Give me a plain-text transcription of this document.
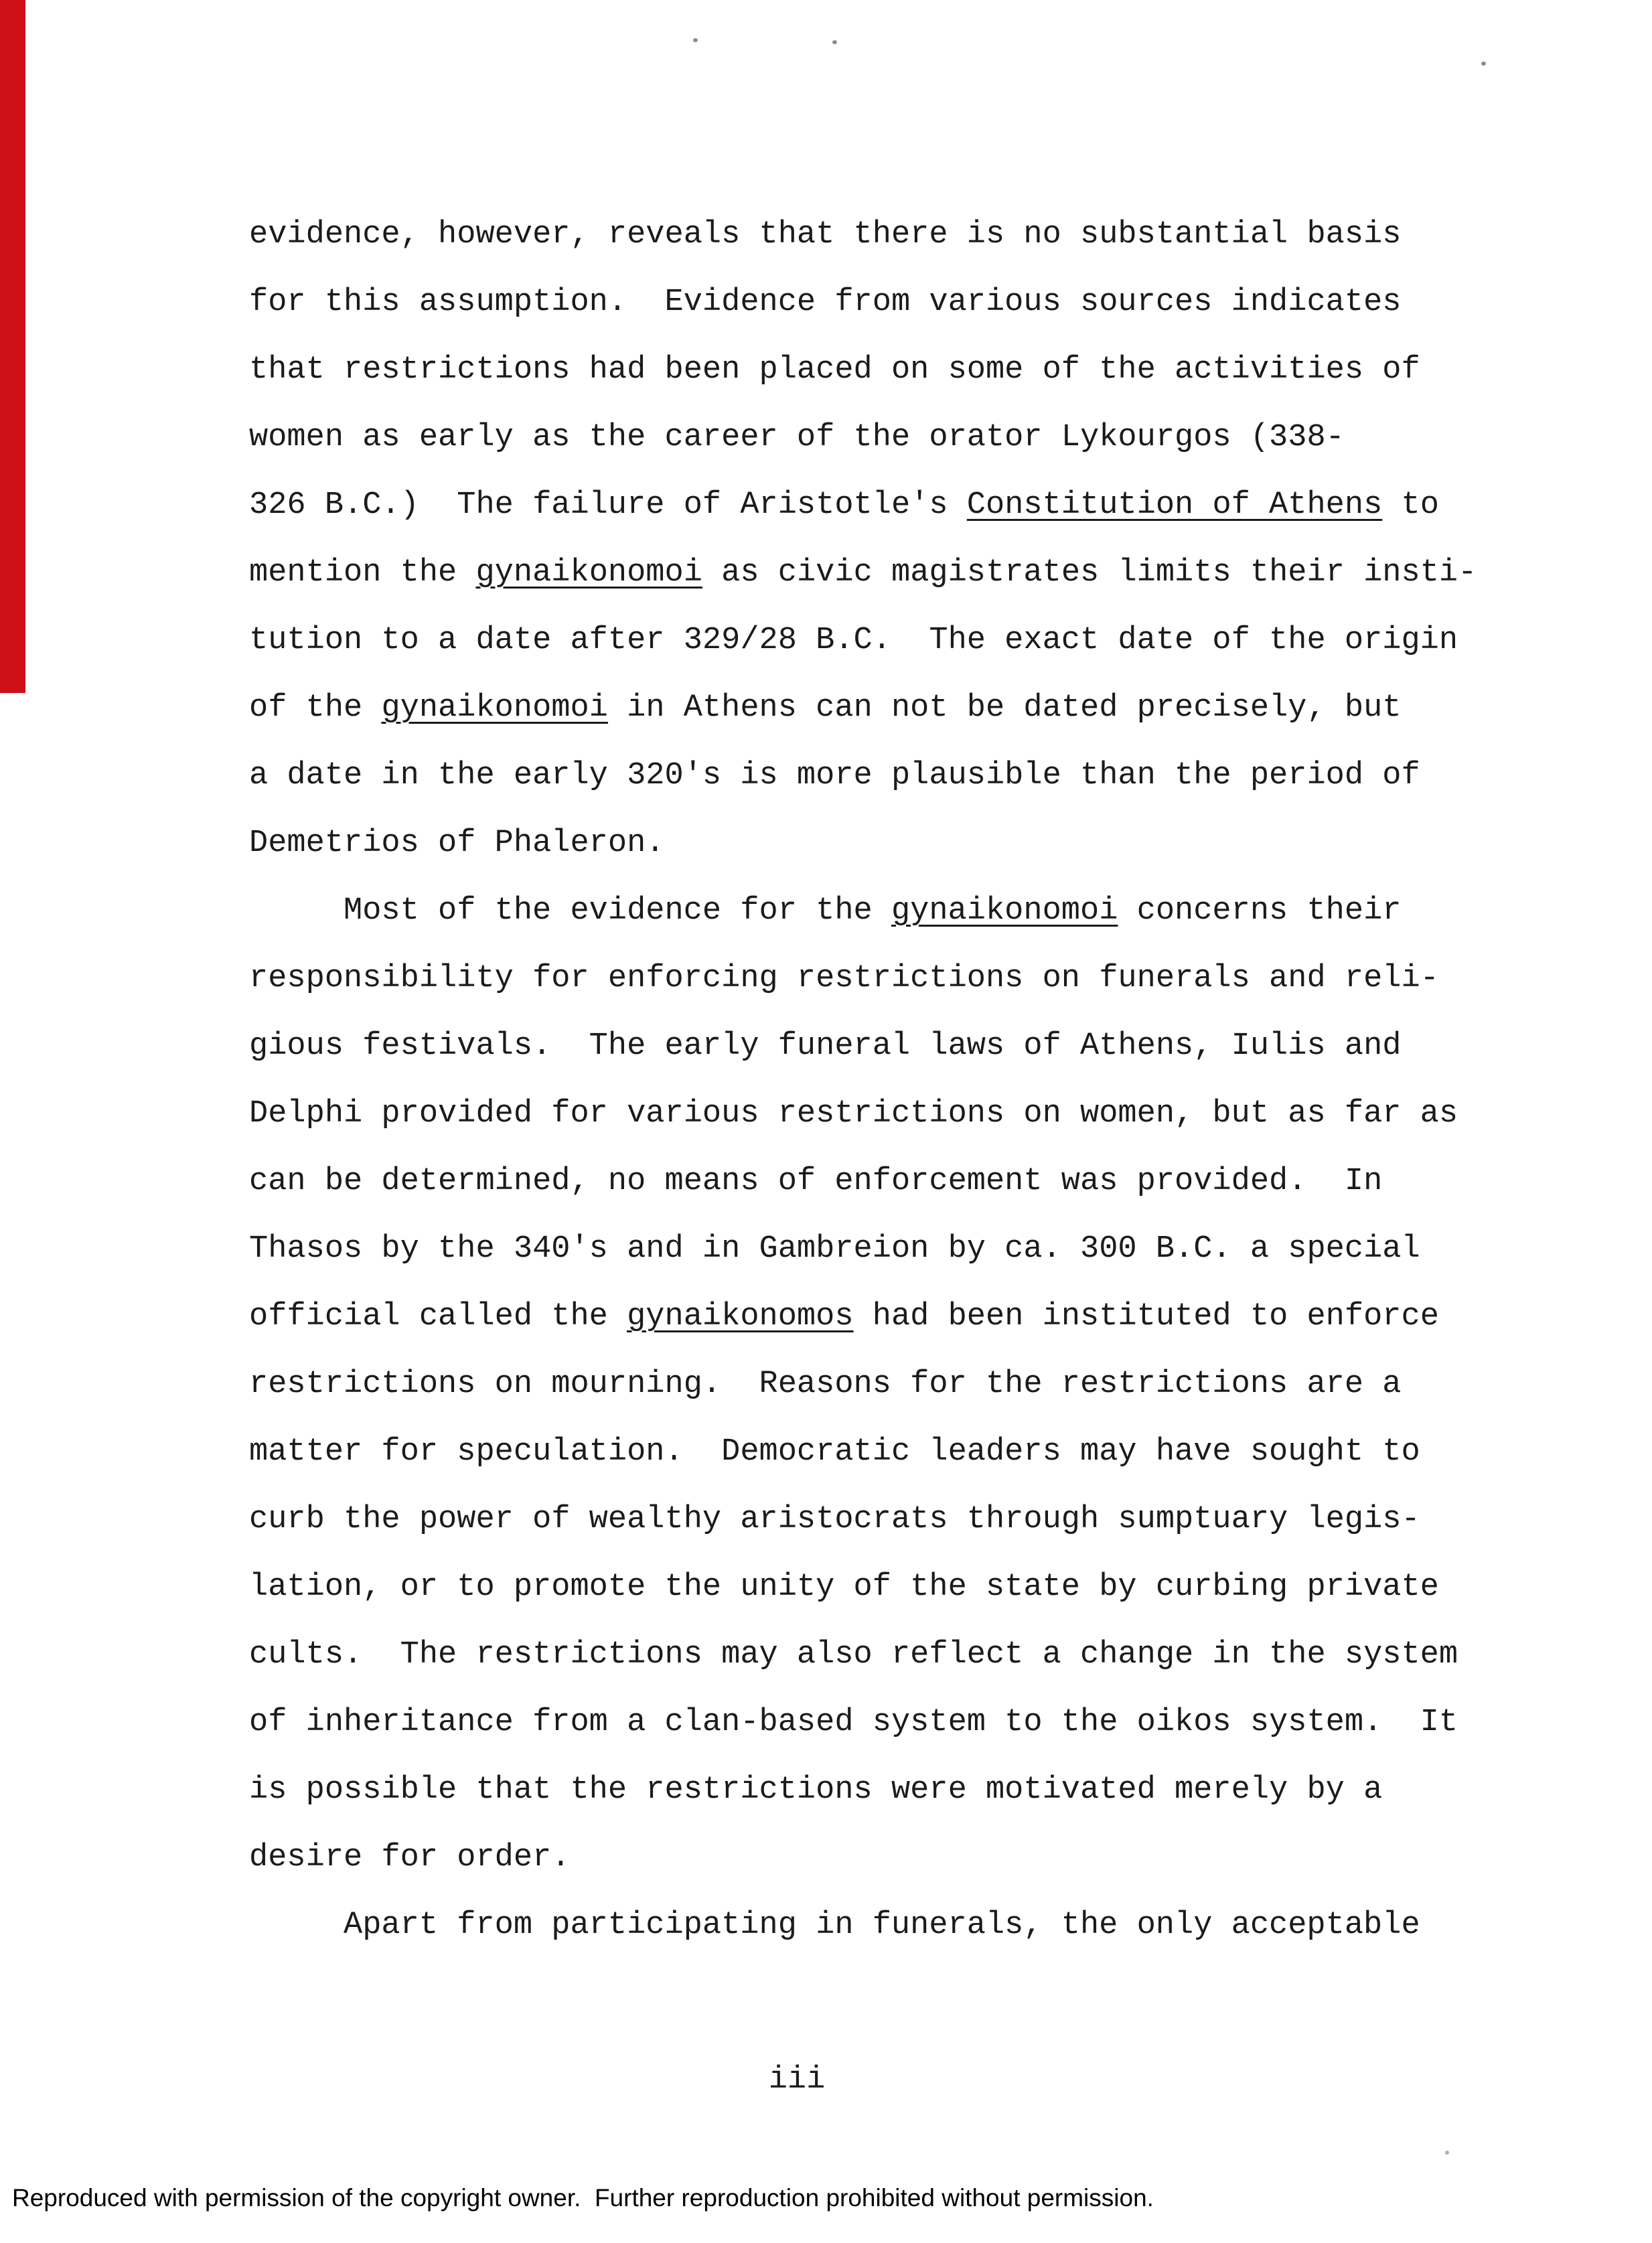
evidence, however, reveals that there is no substantial basis
for this assumption.  Evidence from various sources indicates
that restrictions had been placed on some of the activities of
women as early as the career of the orator Lykourgos (338-
326 B.C.)  The failure of Aristotle's Constitution of Athens to
mention the gynaikonomoi as civic magistrates limits their insti-
tution to a date after 329/28 B.C.  The exact date of the origin
of the gynaikonomoi in Athens can not be dated precisely, but
a date in the early 320's is more plausible than the period of
Demetrios of Phaleron.
Most of the evidence for the gynaikonomoi concerns their
responsibility for enforcing restrictions on funerals and reli-
gious festivals.  The early funeral laws of Athens, Iulis and
Delphi provided for various restrictions on women, but as far as
can be determined, no means of enforcement was provided.  In
Thasos by the 340's and in Gambreion by ca. 300 B.C. a special
official called the gynaikonomos had been instituted to enforce
restrictions on mourning.  Reasons for the restrictions are a
matter for speculation.  Democratic leaders may have sought to
curb the power of wealthy aristocrats through sumptuary legis-
lation, or to promote the unity of the state by curbing private
cults.  The restrictions may also reflect a change in the system
of inheritance from a clan-based system to the oikos system.  It
is possible that the restrictions were motivated merely by a
desire for order.
Apart from participating in funerals, the only acceptable
iii
Reproduced with permission of the copyright owner.  Further reproduction prohibited without permission.
